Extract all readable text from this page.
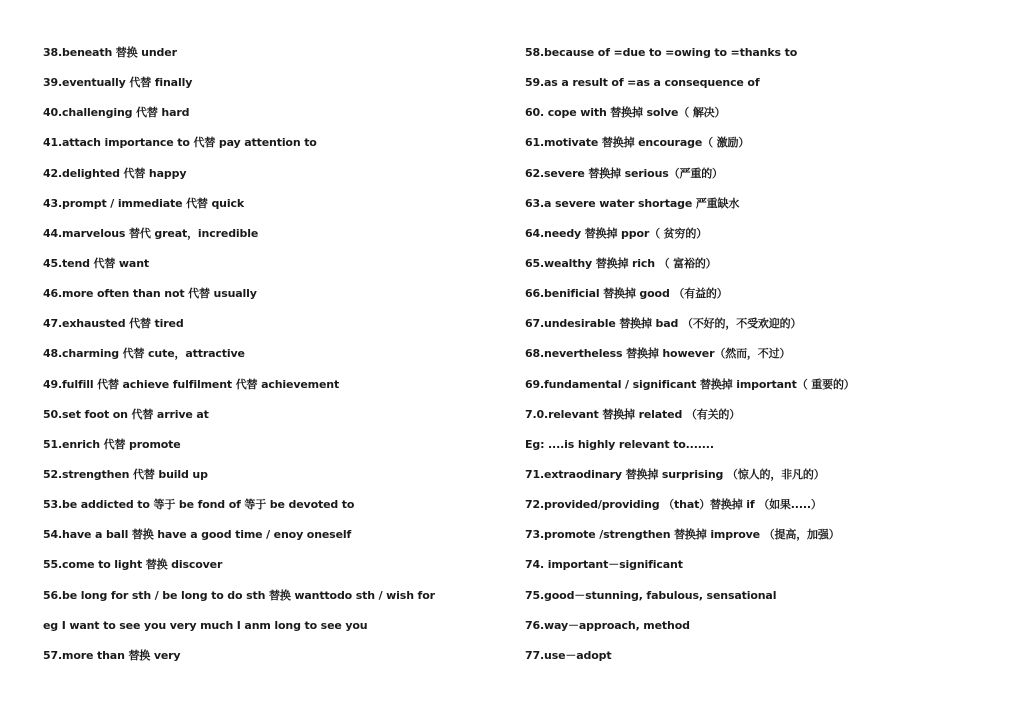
38.beneath 替换 under
39.eventually 代替 finally
40.challenging 代替 hard
41.attach importance to 代替 pay attention to
42.delighted 代替 happy
43.prompt / immediate 代替 quick
44.marvelous 替代 great，incredible
45.tend 代替 want
46.more often than not 代替 usually
47.exhausted 代替 tired
48.charming 代替 cute，attractive
49.fulfill 代替 achieve fulfilment 代替 achievement
50.set foot on 代替 arrive at
51.enrich 代替 promote
52.strengthen 代替 build up
53.be addicted to 等于 be fond of 等于 be devoted to
54.have a ball 替换 have a good time / enoy oneself
55.come to light 替换 discover
56.be long for sth / be long to do sth 替换 wanttodo sth / wish for
eg I want to see you very much I anm long to see you
57.more than 替换 very
58.because of =due to =owing to =thanks to
59.as a result of =as a consequence of
60. cope with 替换掉 solve（ 解决）
61.motivate 替换掉 encourage（ 激励）
62.severe 替换掉 serious（严重的）
63.a severe water shortage 严重缺水
64.needy 替换掉 ppor（ 贫穷的）
65.wealthy 替换掉 rich （ 富裕的）
66.benificial 替换掉 good （有益的）
67.undesirable 替换掉 bad （不好的，不受欢迎的）
68.nevertheless 替换掉 however（然而，不过）
69.fundamental / significant 替换掉 important（ 重要的）
7.0.relevant 替换掉 related （有关的）
Eg: ....is highly relevant to.......
71.extraodinary 替换掉 surprising （惊人的，非凡的）
72.provided/providing （that）替换掉 if （如果.....）
73.promote /strengthen 替换掉 improve （提高，加强）
74. important－significant
75.good－stunning, fabulous, sensational
76.way－approach, method
77.use－adopt
